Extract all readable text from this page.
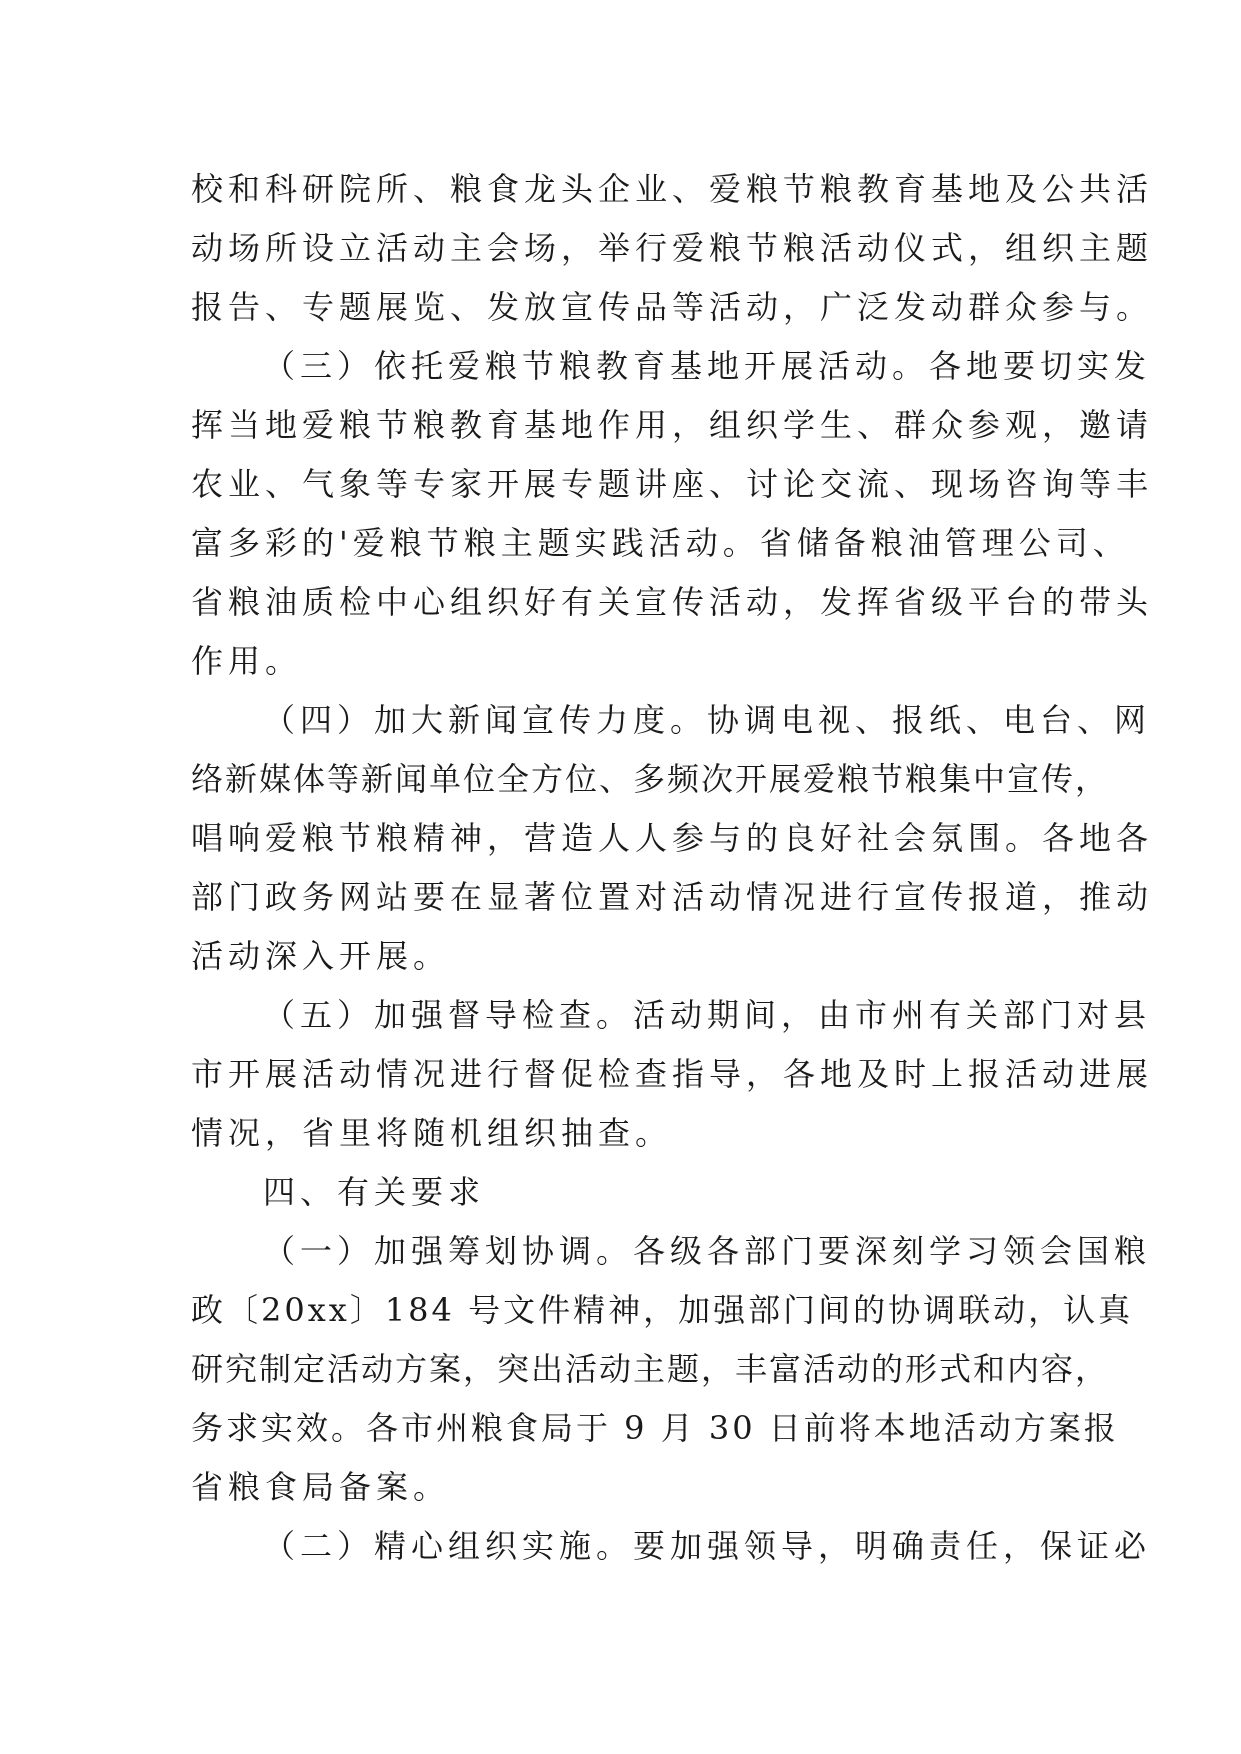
校和科研院所、粮食龙头企业、爱粮节粮教育基地及公共活
动场所设立活动主会场，举行爱粮节粮活动仪式，组织主题
报告、专题展览、发放宣传品等活动，广泛发动群众参与。
（三）依托爱粮节粮教育基地开展活动。各地要切实发
挥当地爱粮节粮教育基地作用，组织学生、群众参观，邀请
农业、气象等专家开展专题讲座、讨论交流、现场咨询等丰
富多彩的'爱粮节粮主题实践活动。省储备粮油管理公司、
省粮油质检中心组织好有关宣传活动，发挥省级平台的带头
作用。
（四）加大新闻宣传力度。协调电视、报纸、电台、网
络新媒体等新闻单位全方位、多频次开展爱粮节粮集中宣传，
唱响爱粮节粮精神，营造人人参与的良好社会氛围。各地各
部门政务网站要在显著位置对活动情况进行宣传报道，推动
活动深入开展。
（五）加强督导检查。活动期间，由市州有关部门对县
市开展活动情况进行督促检查指导，各地及时上报活动进展
情况，省里将随机组织抽查。
四、有关要求
（一）加强筹划协调。各级各部门要深刻学习领会国粮
政〔20xx〕184 号文件精神，加强部门间的协调联动，认真
研究制定活动方案，突出活动主题，丰富活动的形式和内容，
务求实效。各市州粮食局于 9 月 30 日前将本地活动方案报
省粮食局备案。
（二）精心组织实施。要加强领导，明确责任，保证必
